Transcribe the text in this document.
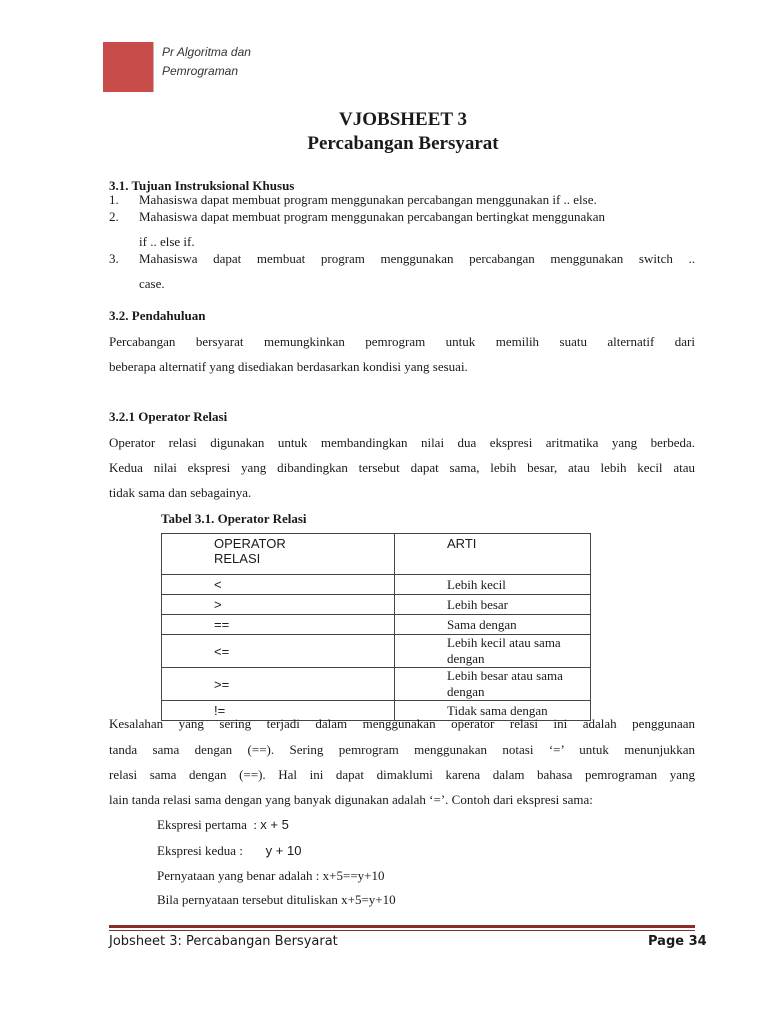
Pr Algoritma dan
Pemrograman
VJOBSHEET 3
Percabangan Bersyarat
3.1. Tujuan Instruksional Khusus
1. Mahasiswa dapat membuat program menggunakan percabangan menggunakan if .. else.
2. Mahasiswa dapat membuat program menggunakan percabangan bertingkat menggunakan
if .. else if.
3. Mahasiswa dapat membuat program menggunakan percabangan menggunakan switch ..
case.
3.2. Pendahuluan
Percabangan bersyarat memungkinkan pemrogram untuk memilih suatu alternatif dari
beberapa alternatif yang disediakan berdasarkan kondisi yang sesuai.
3.2.1 Operator Relasi
Operator relasi digunakan untuk membandingkan nilai dua ekspresi aritmatika yang berbeda.
Kedua nilai ekspresi yang dibandingkan tersebut dapat sama, lebih besar, atau lebih kecil atau
tidak sama dan sebagainya.
Tabel 3.1. Operator Relasi
OPERATOR
RELASI	ARTI
<	Lebih kecil
>	Lebih besar
==	Sama dengan
<=	Lebih kecil atau sama dengan
>=	Lebih besar atau sama dengan
!=	Tidak sama dengan
Kesalahan yang sering terjadi dalam menggunakan operator relasi ini adalah penggunaan
tanda sama dengan (==). Sering pemrogram menggunakan notasi ‘=’ untuk menunjukkan
relasi sama dengan (==). Hal ini dapat dimaklumi karena dalam bahasa pemrograman yang
lain tanda relasi sama dengan yang banyak digunakan adalah ‘=’. Contoh dari ekspresi sama:
Ekspresi pertama  : x + 5
Ekspresi kedua :       y + 10
Pernyataan yang benar adalah : x+5==y+10
Bila pernyataan tersebut dituliskan x+5=y+10
Jobsheet 3: Percabangan Bersyarat	Page 34
